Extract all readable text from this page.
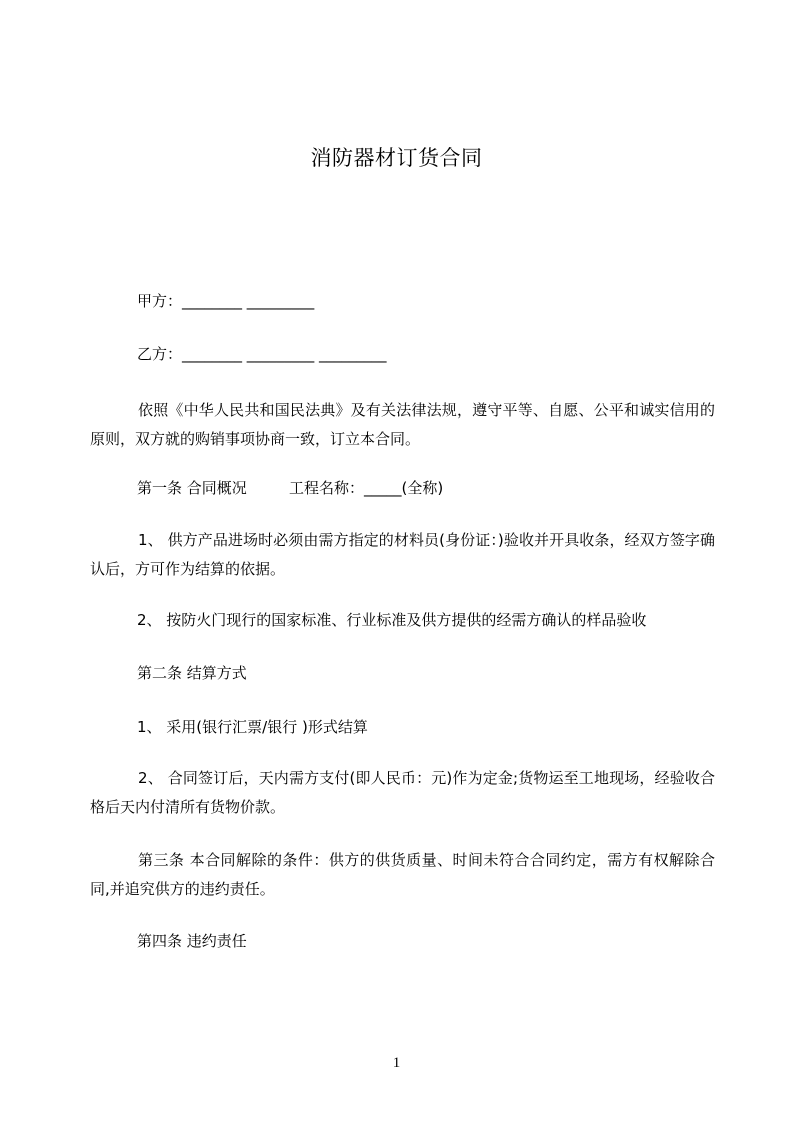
消防器材订货合同
甲方：________ _________
乙方：________ _________ _________
依照《中华人民共和国民法典》及有关法律法规，遵守平等、自愿、公平和诚实信用的原则，双方就的购销事项协商一致，订立本合同。
第一条 合同概况	工程名称：_____(全称)
1、 供方产品进场时必须由需方指定的材料员(身份证：)验收并开具收条，经双方签字确认后，方可作为结算的依据。
2、 按防火门现行的国家标准、行业标准及供方提供的经需方确认的样品验收
第二条 结算方式
1、 采用(银行汇票/银行 )形式结算
2、 合同签订后，天内需方支付(即人民币：元)作为定金;货物运至工地现场，经验收合格后天内付清所有货物价款。
第三条 本合同解除的条件：供方的供货质量、时间未符合合同约定，需方有权解除合同,并追究供方的违约责任。
第四条 违约责任
1
